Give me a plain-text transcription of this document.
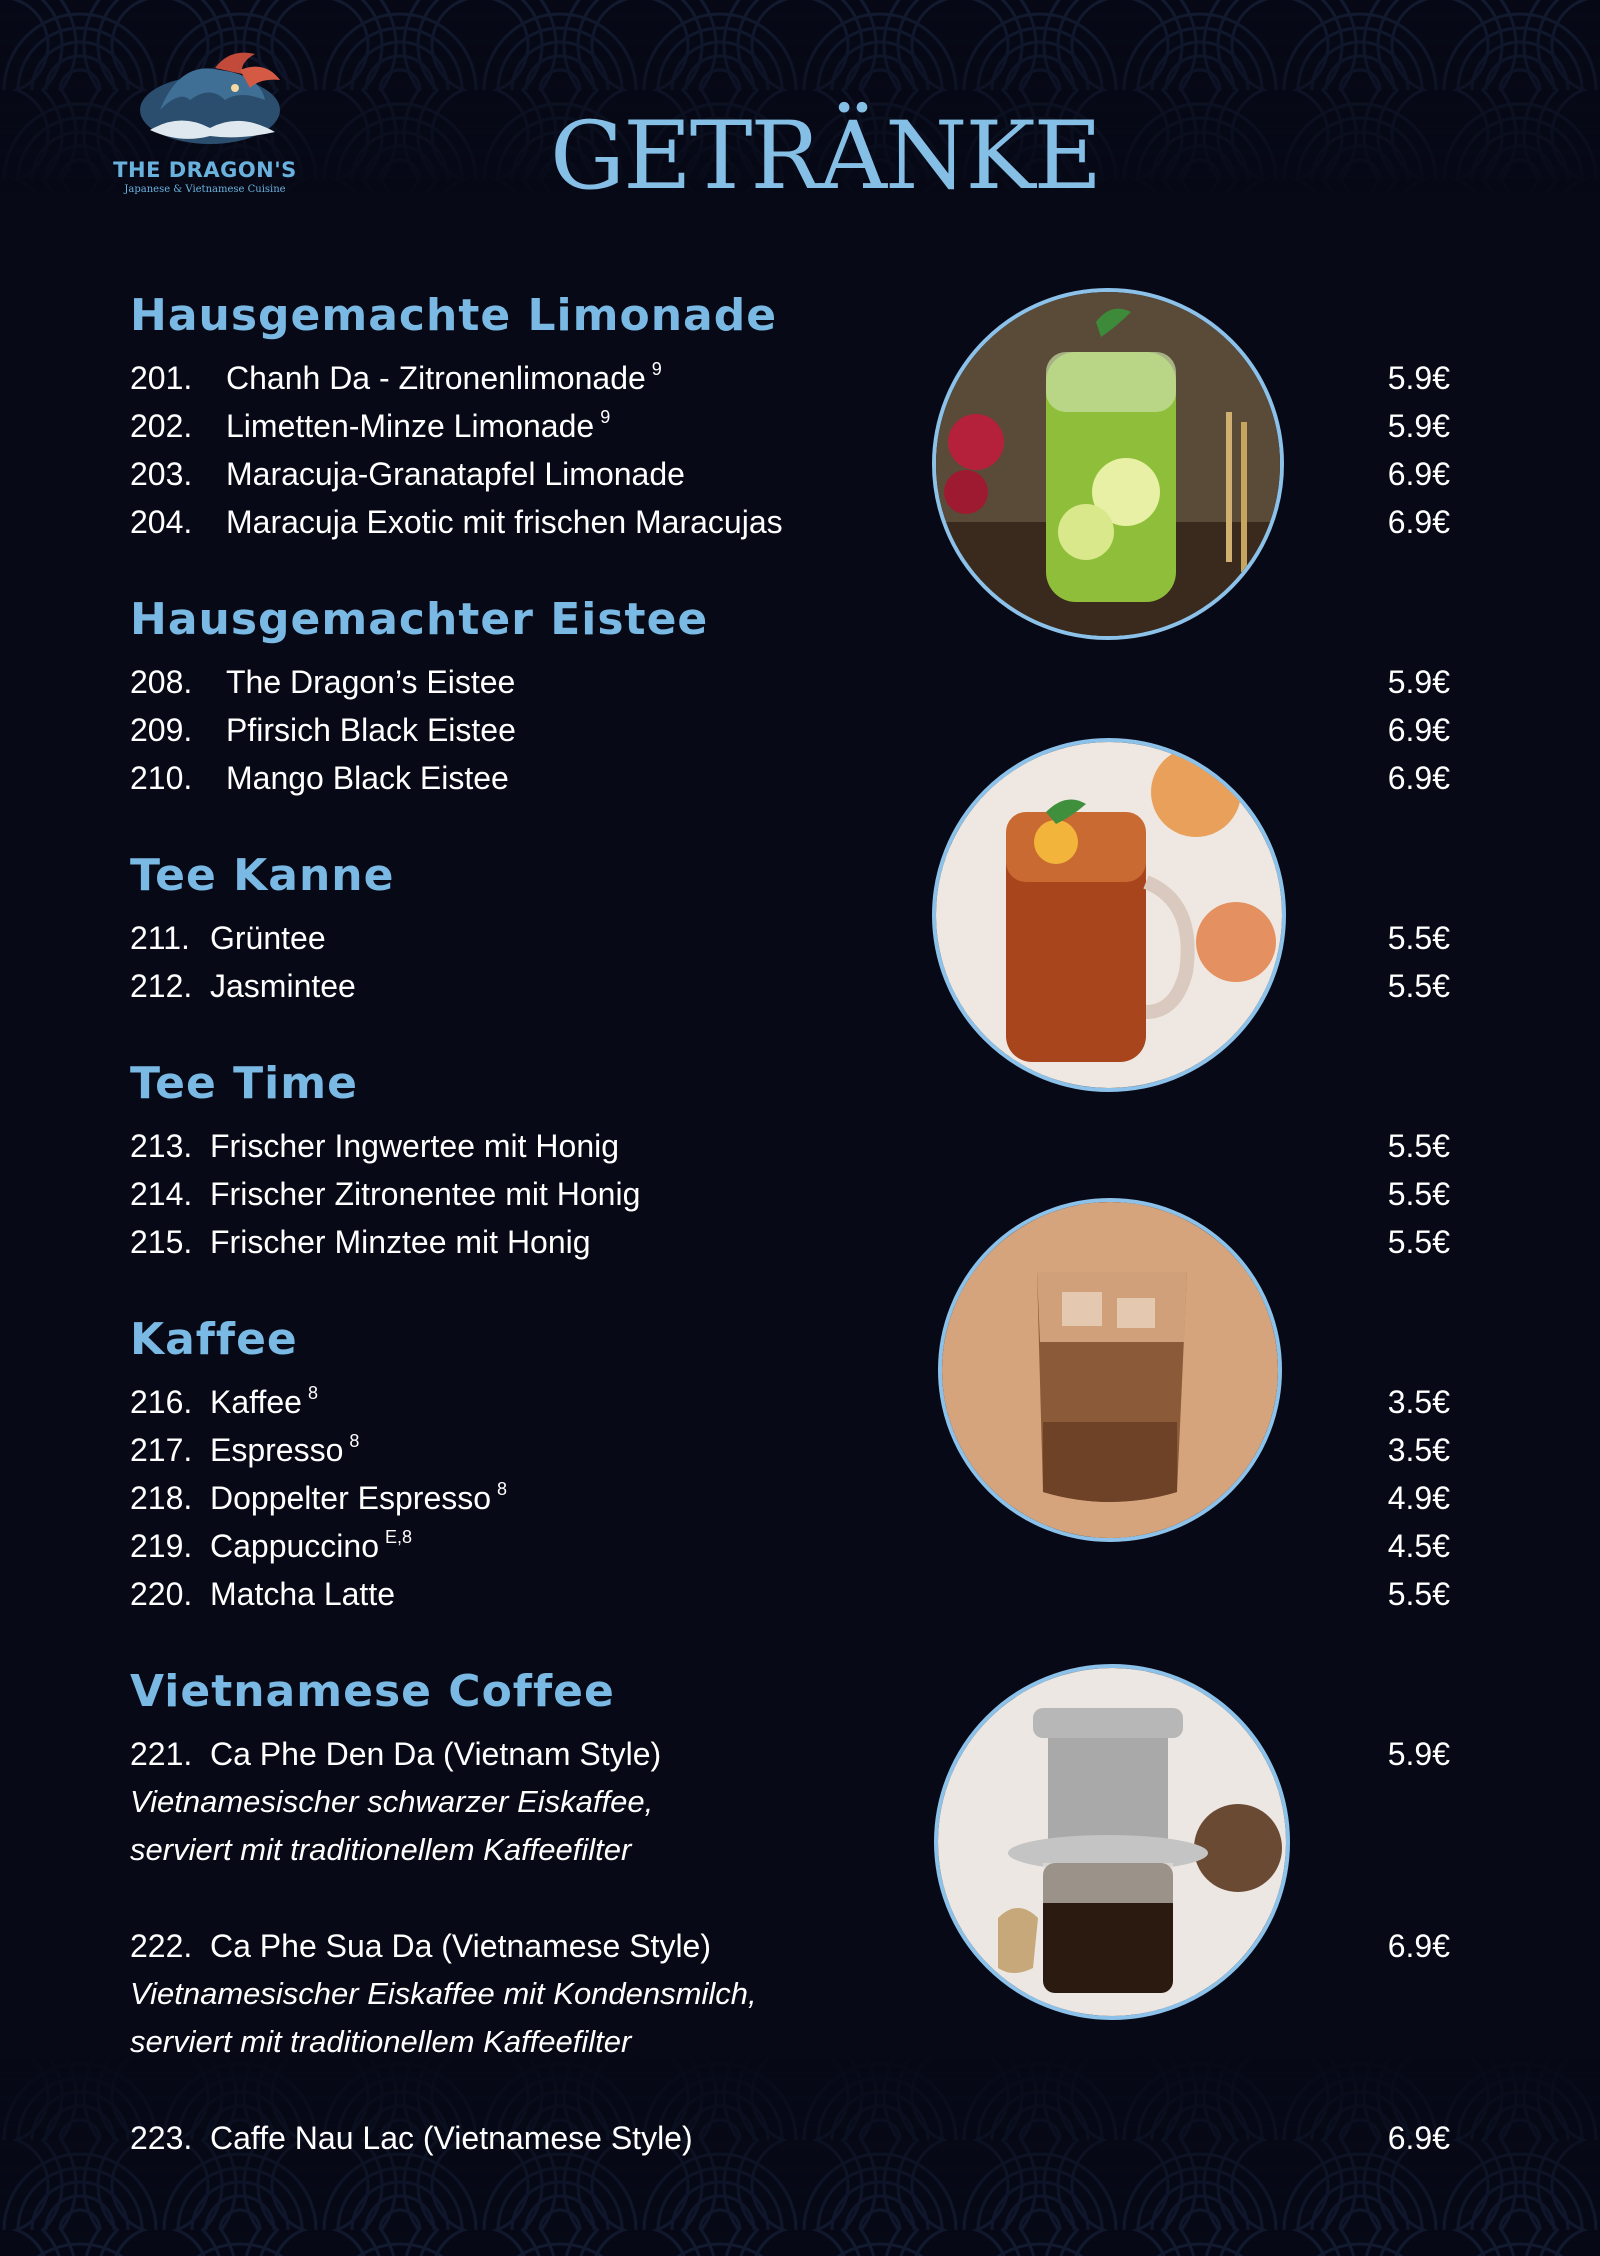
THE DRAGON'S
Japanese & Vietnamese Cuisine	GETRÄNKE
Hausgemachte Limonade
201. Chanh Da - Zitronenlimonade $^9$	5.9€
202. Limetten-Minze Limonade $^9$	5.9€
203. Maracuja-Granatapfel Limonade	6.9€
204. Maracuja Exotic mit frischen Maracujas	6.9€
Hausgemachter Eistee
208. The Dragon’s Eistee	5.9€
209. Pfirsich Black Eistee	6.9€
210. Mango Black Eistee	6.9€
Tee Kanne
211. Grüntee	5.5€
212. Jasmintee	5.5€
Tee Time
213. Frischer Ingwertee mit Honig	5.5€
214. Frischer Zitronentee mit Honig	5.5€
215. Frischer Minztee mit Honig	5.5€
Kaffee
216. Kaffee $^8$	3.5€
217. Espresso $^8$	3.5€
218. Doppelter Espresso $^8$	4.9€
219. Cappuccino $^{E,8}$	4.5€
220. Matcha Latte	5.5€
Vietnamese Coffee
221. Ca Phe Den Da (Vietnam Style)	5.9€
Vietnamesischer schwarzer Eiskaffee,
serviert mit traditionellem Kaffeefilter
222. Ca Phe Sua Da (Vietnamese Style)	6.9€
Vietnamesischer Eiskaffee mit Kondensmilch,
serviert mit traditionellem Kaffeefilter
223. Caffe Nau Lac (Vietnamese Style)	6.9€
